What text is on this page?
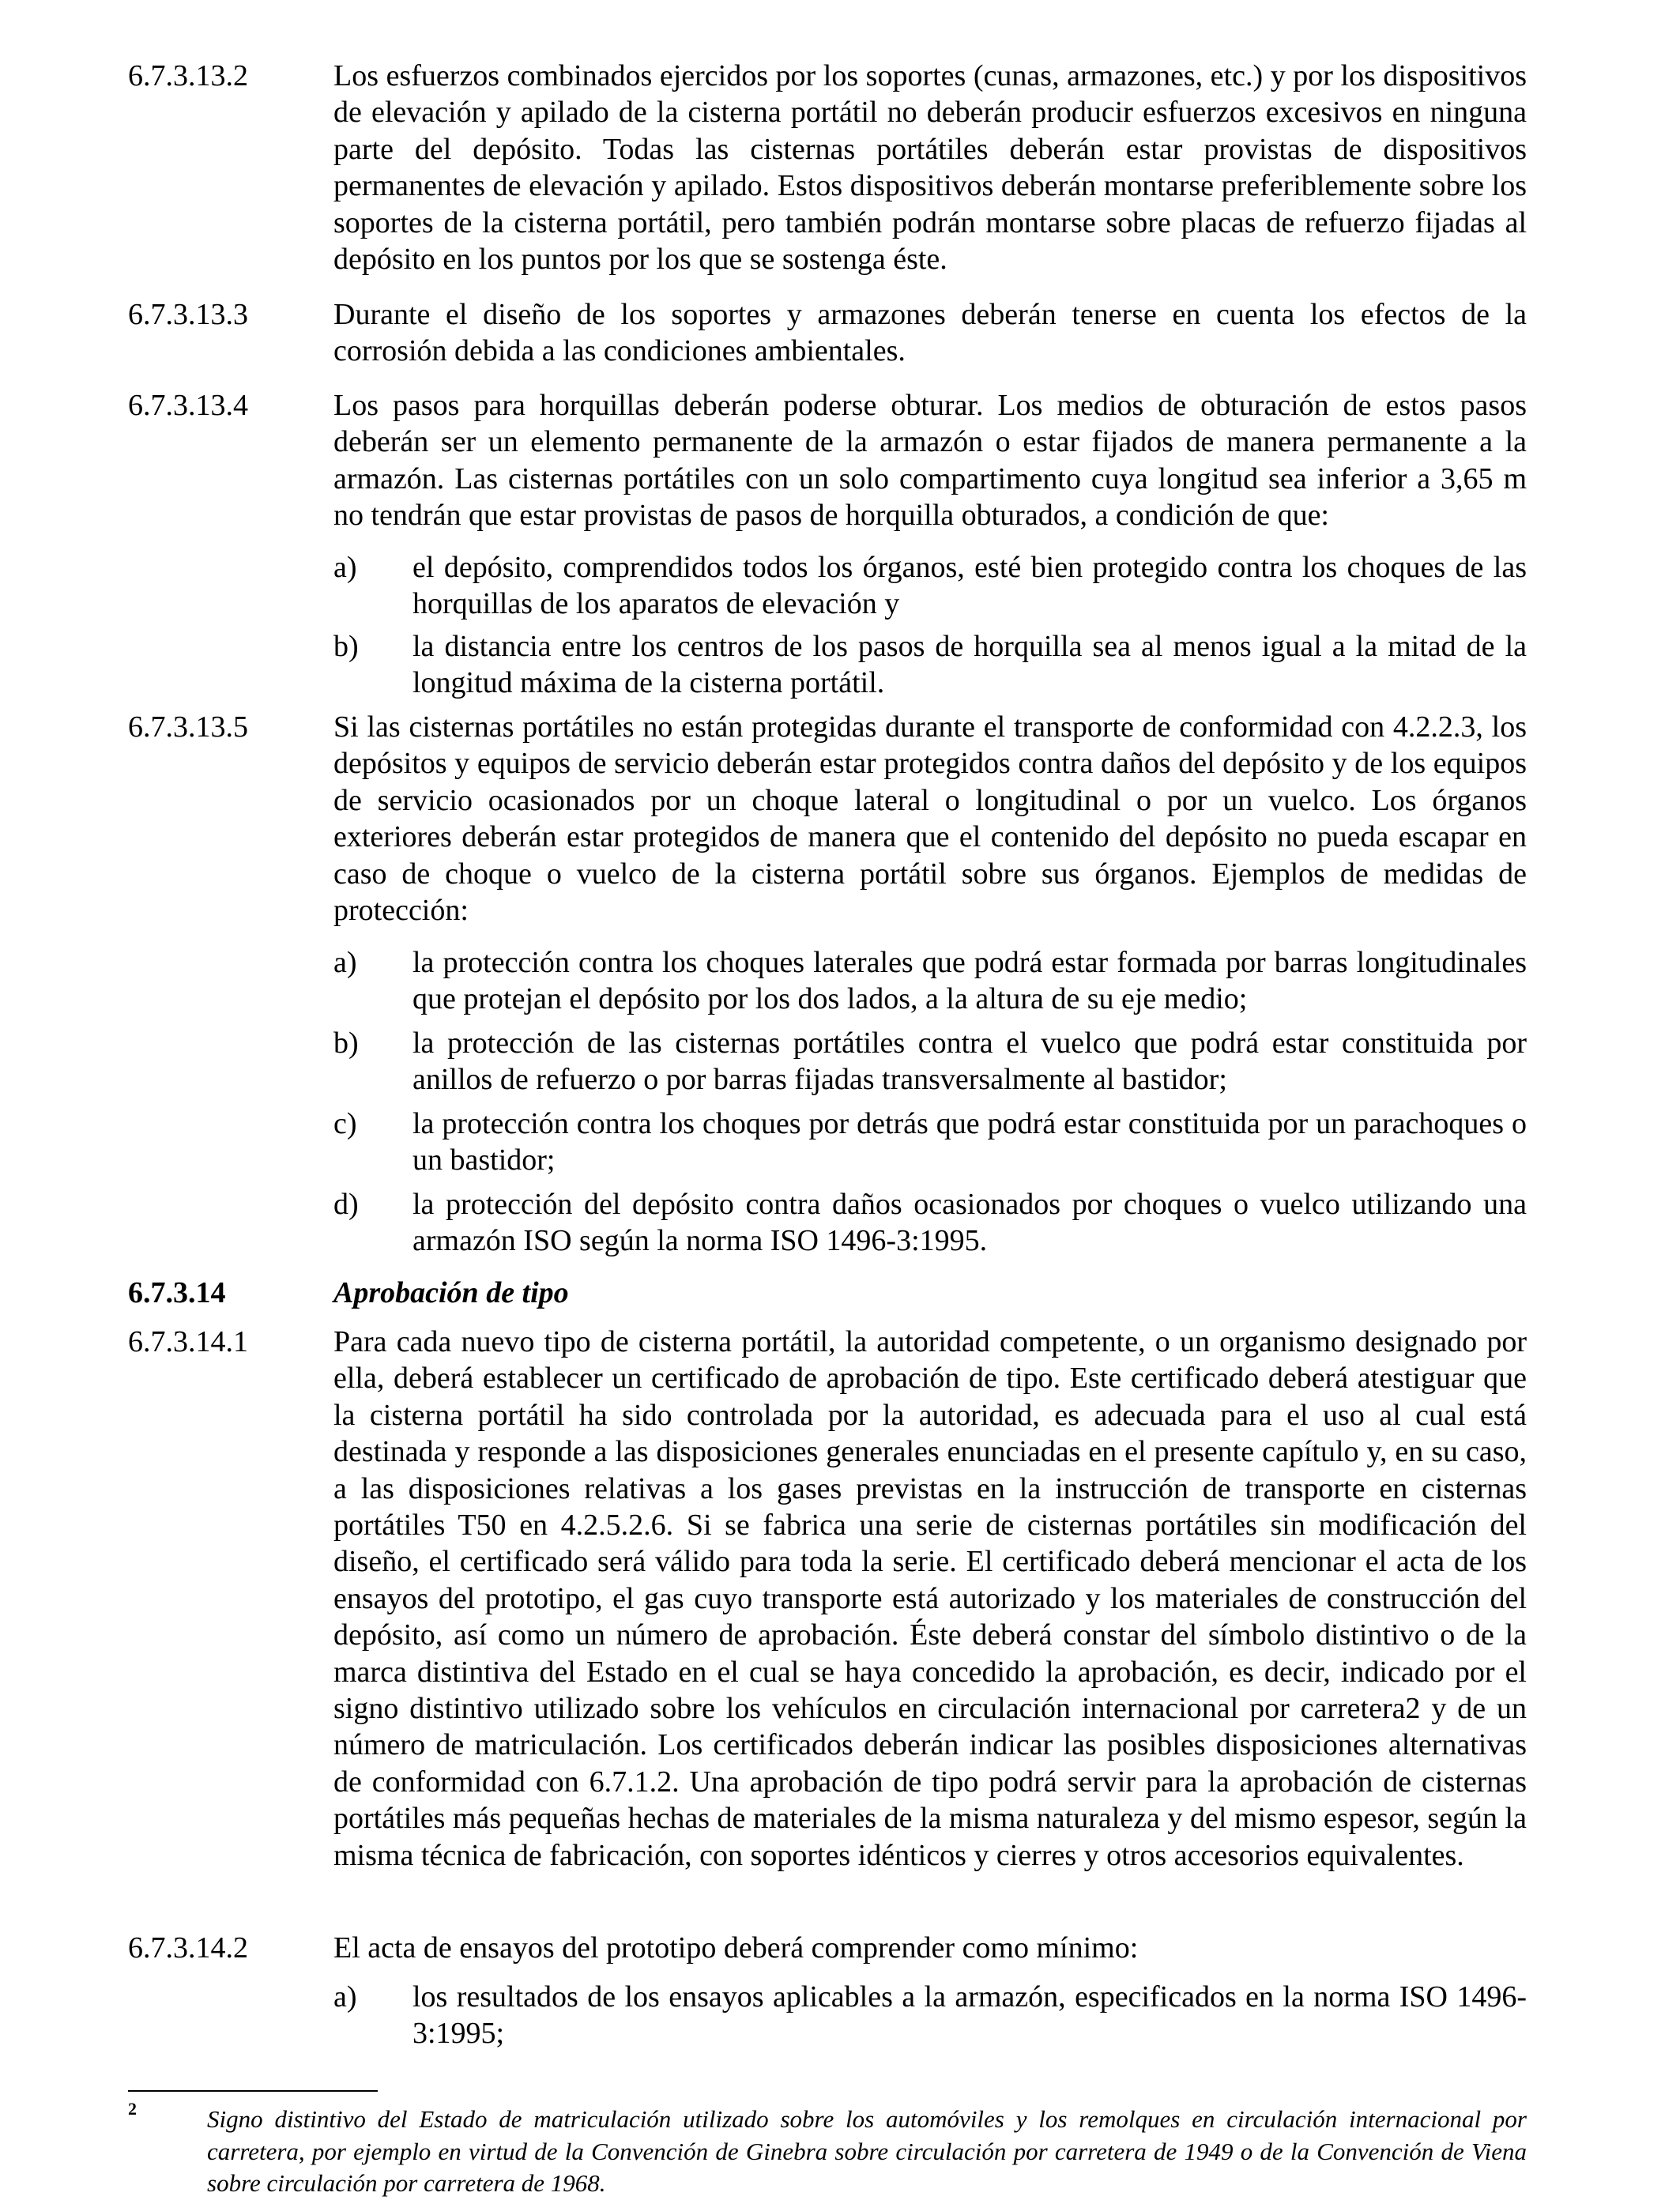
6.7.3.13.2	Los esfuerzos combinados ejercidos por los soportes (cunas, armazones, etc.) y por los dispositivos de elevación y apilado de la cisterna portátil no deberán producir esfuerzos excesivos en ninguna parte del depósito. Todas las cisternas portátiles deberán estar provistas de dispositivos permanentes de elevación y apilado. Estos dispositivos deberán montarse preferiblemente sobre los soportes de la cisterna portátil, pero también podrán montarse sobre placas de refuerzo fijadas al depósito en los puntos por los que se sostenga éste.
6.7.3.13.3	Durante el diseño de los soportes y armazones deberán tenerse en cuenta los efectos de la corrosión debida a las condiciones ambientales.
6.7.3.13.4	Los pasos para horquillas deberán poderse obturar. Los medios de obturación de estos pasos deberán ser un elemento permanente de la armazón o estar fijados de manera permanente a la armazón. Las cisternas portátiles con un solo compartimento cuya longitud sea inferior a 3,65 m no tendrán que estar provistas de pasos de horquilla obturados, a condición de que:
a) el depósito, comprendidos todos los órganos, esté bien protegido contra los choques de las horquillas de los aparatos de elevación y
b) la distancia entre los centros de los pasos de horquilla sea al menos igual a la mitad de la longitud máxima de la cisterna portátil.
6.7.3.13.5	Si las cisternas portátiles no están protegidas durante el transporte de conformidad con 4.2.2.3, los depósitos y equipos de servicio deberán estar protegidos contra daños del depósito y de los equipos de servicio ocasionados por un choque lateral o longitudinal o por un vuelco. Los órganos exteriores deberán estar protegidos de manera que el contenido del depósito no pueda escapar en caso de choque o vuelco de la cisterna portátil sobre sus órganos. Ejemplos de medidas de protección:
a) la protección contra los choques laterales que podrá estar formada por barras longitudinales que protejan el depósito por los dos lados, a la altura de su eje medio;
b) la protección de las cisternas portátiles contra el vuelco que podrá estar constituida por anillos de refuerzo o por barras fijadas transversalmente al bastidor;
c) la protección contra los choques por detrás que podrá estar constituida por un parachoques o un bastidor;
d) la protección del depósito contra daños ocasionados por choques o vuelco utilizando una armazón ISO según la norma ISO 1496-3:1995.
6.7.3.14	Aprobación de tipo
6.7.3.14.1	Para cada nuevo tipo de cisterna portátil, la autoridad competente, o un organismo designado por ella, deberá establecer un certificado de aprobación de tipo. Este certificado deberá atestiguar que la cisterna portátil ha sido controlada por la autoridad, es adecuada para el uso al cual está destinada y responde a las disposiciones generales enunciadas en el presente capítulo y, en su caso, a las disposiciones relativas a los gases previstas en la instrucción de transporte en cisternas portátiles T50 en 4.2.5.2.6. Si se fabrica una serie de cisternas portátiles sin modificación del diseño, el certificado será válido para toda la serie. El certificado deberá mencionar el acta de los ensayos del prototipo, el gas cuyo transporte está autorizado y los materiales de construcción del depósito, así como un número de aprobación. Éste deberá constar del símbolo distintivo o de la marca distintiva del Estado en el cual se haya concedido la aprobación, es decir, indicado por el signo distintivo utilizado sobre los vehículos en circulación internacional por carretera2 y de un número de matriculación. Los certificados deberán indicar las posibles disposiciones alternativas de conformidad con 6.7.1.2. Una aprobación de tipo podrá servir para la aprobación de cisternas portátiles más pequeñas hechas de materiales de la misma naturaleza y del mismo espesor, según la misma técnica de fabricación, con soportes idénticos y cierres y otros accesorios equivalentes.
6.7.3.14.2	El acta de ensayos del prototipo deberá comprender como mínimo:
a) los resultados de los ensayos aplicables a la armazón, especificados en la norma ISO 1496-3:1995;
2	Signo distintivo del Estado de matriculación utilizado sobre los automóviles y los remolques en circulación internacional por carretera, por ejemplo en virtud de la Convención de Ginebra sobre circulación por carretera de 1949 o de la Convención de Viena sobre circulación por carretera de 1968.
